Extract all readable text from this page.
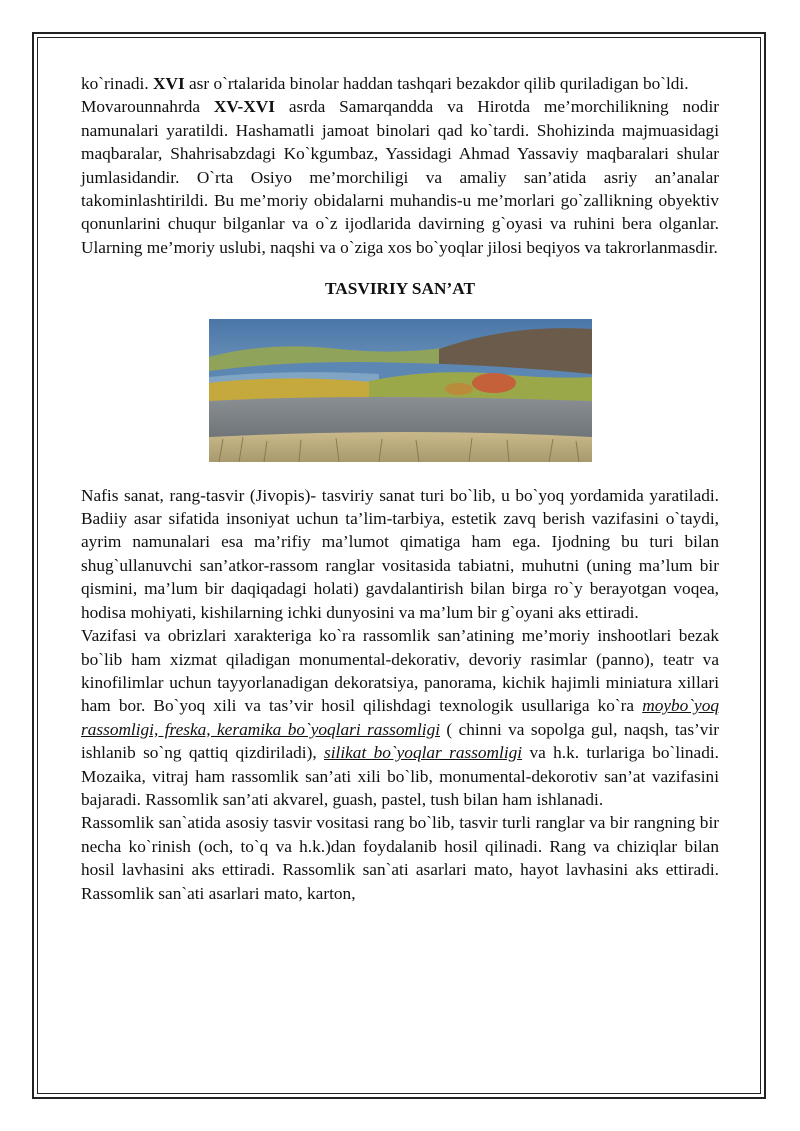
ko`rinadi. XVI asr o`rtalarida binolar haddan tashqari bezakdor qilib quriladigan bo`ldi.

Movarounnahrda XV-XVI asrda Samarqandda va Hirotda me’morchilikning nodir namunalari yaratildi. Hashamatli jamoat binolari qad ko`tardi. Shohizinda majmuasidagi maqbaralar, Shahrisabzdagi Ko`kgumbaz, Yassidagi Ahmad Yassaviy maqbaralari shular jumlasidandir. O`rta Osiyo me’morchiligi va amaliy san’atida asriy an’analar takominlashtirildi. Bu me’moriy obidalarni muhandis-u me’morlari go`zallikning obyektiv qonunlarini chuqur bilganlar va o`z ijodlarida davirning g`oyasi va ruhini bera olganlar. Ularning me’moriy uslubi, naqshi va o`ziga xos bo`yoqlar jilosi beqiyos va takrorlanmasdir.

TASVIRIY SAN’AT

Nafis sanat, rang-tasvir (Jivopis)- tasviriy sanat turi bo`lib, u bo`yoq yordamida yaratiladi. Badiiy asar sifatida insoniyat uchun ta’lim-tarbiya, estetik zavq berish vazifasini o`taydi, ayrim namunalari esa ma’rifiy ma’lumot qimatiga ham ega. Ijodning bu turi bilan shug`ullanuvchi san’atkor-rassom ranglar vositasida tabiatni, muhutni (uning ma’lum bir qismini, ma’lum bir daqiqadagi holati) gavdalantirish bilan birga ro`y berayotgan voqea, hodisa mohiyati, kishilarning ichki dunyosini va ma’lum bir g`oyani aks ettiradi.

Vazifasi va obrizlari xarakteriga ko`ra rassomlik san’atining me’moriy inshootlari bezak bo`lib ham xizmat qiladigan monumental-dekorativ, devoriy rasimlar (panno), teatr va kinofilimlar uchun tayyorlanadigan dekoratsiya, panorama, kichik hajimli miniatura xillari ham bor. Bo`yoq xili va tas’vir hosil qilishdagi texnologik usullariga ko`ra moybo`yoq rassomligi, freska, keramika bo`yoqlari rassomligi ( chinni va sopolga gul, naqsh, tas’vir ishlanib so`ng qattiq qizdiriladi), silikat bo`yoqlar rassomligi va h.k. turlariga bo`linadi. Mozaika, vitraj ham rassomlik san’ati xili bo`lib, monumental-dekorotiv san’at vazifasini bajaradi. Rassomlik san’ati akvarel, guash, pastel, tush bilan ham ishlanadi.

Rassomlik san`atida asosiy tasvir vositasi rang bo`lib, tasvir turli ranglar va bir rangning bir necha ko`rinish (och, to`q va h.k.)dan foydalanib hosil qilinadi. Rang va chiziqlar bilan hosil lavhasini aks ettiradi. Rassomlik san`ati asarlari mato, hayot lavhasini aks ettiradi. Rassomlik san`ati asarlari mato, karton,
